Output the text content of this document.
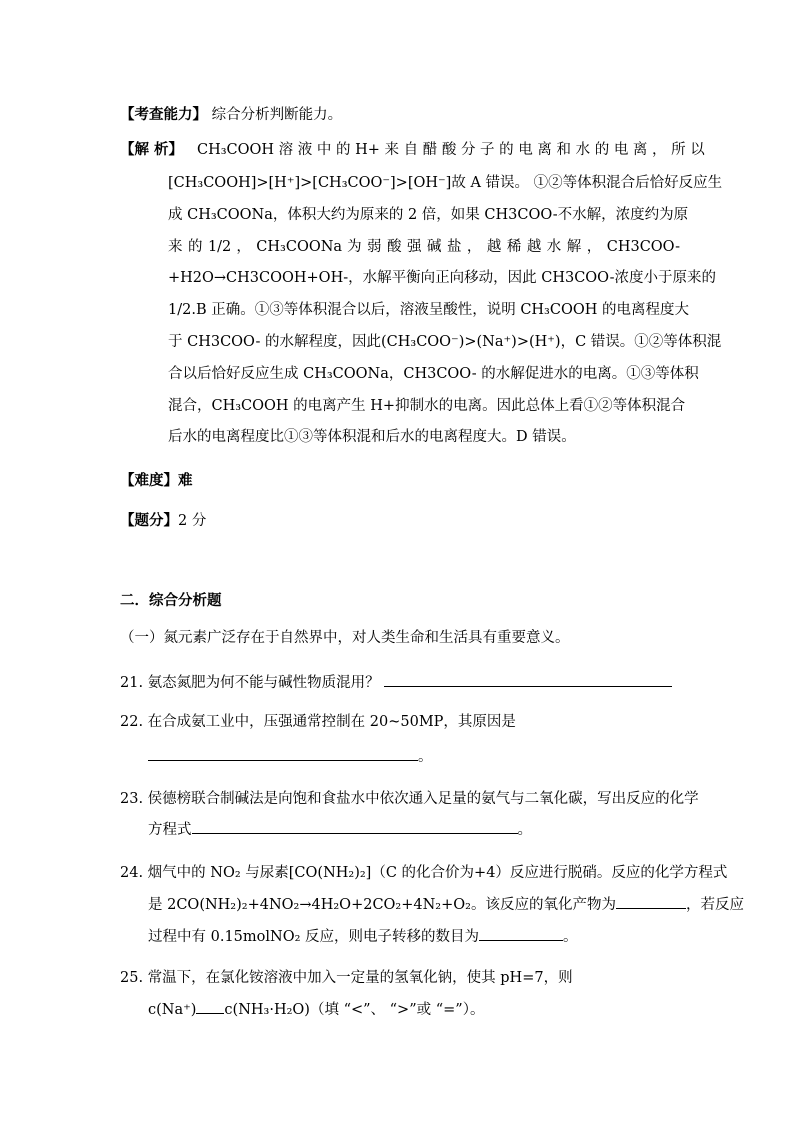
【考查能力】 综合分析判断能力。
【解 析】 CH₃COOH 溶 液 中 的 H+ 来 自 醋 酸 分 子 的 电 离 和 水 的 电 离 ， 所 以
[CH₃COOH]>[H⁺]>[CH₃COO⁻]>[OH⁻]故 A 错误。 ①②等体积混合后恰好反应生
成 CH₃COONa，体积大约为原来的 2 倍，如果 CH3COO-不水解，浓度约为原
来 的 1/2 ， CH₃COONa 为 弱 酸 强 碱 盐 ， 越 稀 越 水 解 ， CH3COO-
+H2O→CH3COOH+OH-，水解平衡向正向移动，因此 CH3COO-浓度小于原来的
1/2.B 正确。①③等体积混合以后，溶液呈酸性，说明 CH₃COOH 的电离程度大
于 CH3COO- 的水解程度，因此(CH₃COO⁻)>(Na⁺)>(H⁺)，C 错误。①②等体积混
合以后恰好反应生成 CH₃COONa，CH3COO- 的水解促进水的电离。①③等体积
混合，CH₃COOH 的电离产生 H+抑制水的电离。因此总体上看①②等体积混合
后水的电离程度比①③等体积混和后水的电离程度大。D 错误。
【难度】难
【题分】2 分
二．综合分析题
（一）氮元素广泛存在于自然界中，对人类生命和生活具有重要意义。
21. 氨态氮肥为何不能与碱性物质混用？
22. 在合成氨工业中，压强通常控制在 20~50MP，其原因是
。
23. 侯德榜联合制碱法是向饱和食盐水中依次通入足量的氨气与二氧化碳，写出反应的化学
方程式	。
24. 烟气中的 NO₂ 与尿素[CO(NH₂)₂]（C 的化合价为+4）反应进行脱硝。反应的化学方程式
是 2CO(NH₂)₂+4NO₂→4H₂O+2CO₂+4N₂+O₂。该反应的氧化产物为	，若反应
过程中有 0.15molNO₂ 反应，则电子转移的数目为	。
25. 常温下，在氯化铵溶液中加入一定量的氢氧化钠，使其 pH=7，则
c(Na⁺) c(NH₃·H₂O)（填 “<”、 “>”或 “=”）。
